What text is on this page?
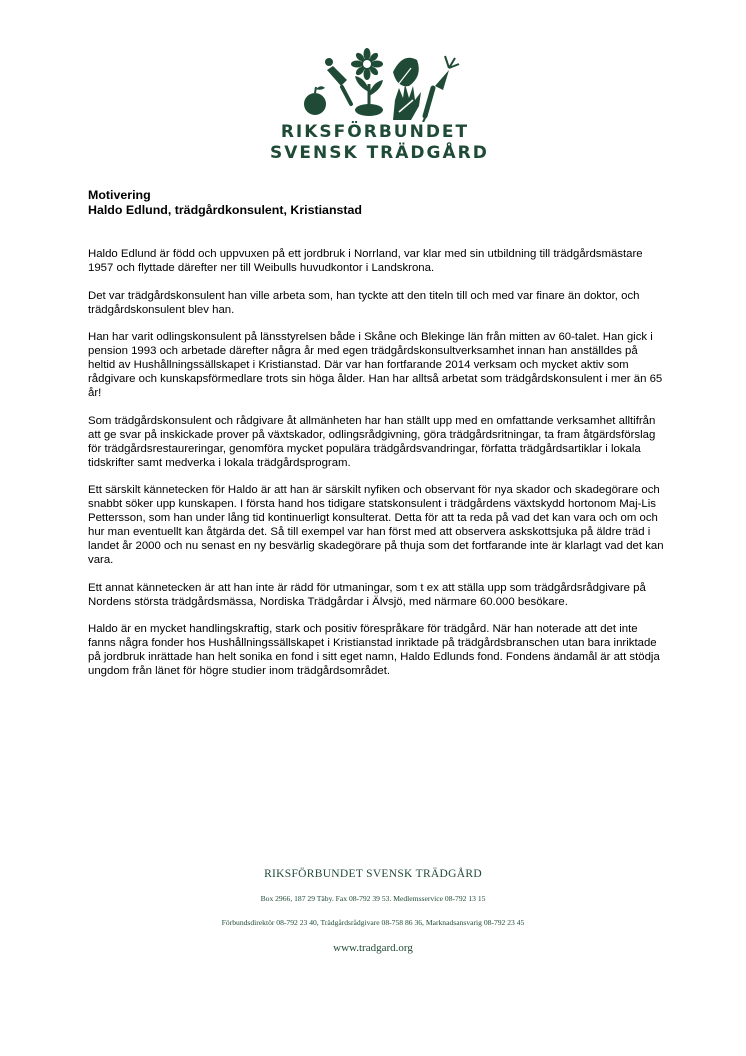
RIKSFÖRBUNDET
SVENSK TRÄDGÅRD
Motivering
Haldo Edlund, trädgårdkonsulent, Kristianstad

Haldo Edlund är född och uppvuxen på ett jordbruk i Norrland, var klar med sin utbildning till trädgårdsmästare 1957 och flyttade därefter ner till Weibulls huvudkontor i Landskrona.

Det var trädgårdskonsulent han ville arbeta som, han tyckte att den titeln till och med var finare än doktor, och trädgårdskonsulent blev han.

Han har varit odlingskonsulent på länsstyrelsen både i Skåne och Blekinge län från mitten av 60-talet. Han gick i pension 1993 och arbetade därefter några år med egen trädgårdskonsultverksamhet innan han anställdes på heltid av Hushållningssällskapet i Kristianstad. Där var han fortfarande 2014 verksam och mycket aktiv som rådgivare och kunskapsförmedlare trots sin höga ålder. Han har alltså arbetat som trädgårdskonsulent i mer än 65 år!

Som trädgårdskonsulent och rådgivare åt allmänheten har han ställt upp med en omfattande verksamhet alltifrån att ge svar på inskickade prover på växtskador, odlingsrådgivning, göra trädgårdsritningar, ta fram åtgärdsförslag för trädgårdsrestaureringar, genomföra mycket populära trädgårdsvandringar, författa trädgårdsartiklar i lokala tidskrifter samt medverka i lokala trädgårdsprogram.

Ett särskilt kännetecken för Haldo är att han är särskilt nyfiken och observant för nya skador och skadegörare och snabbt söker upp kunskapen. I första hand hos tidigare statskonsulent i trädgårdens växtskydd hortonom Maj-Lis Pettersson, som han under lång tid kontinuerligt konsulterat. Detta för att ta reda på vad det kan vara och om och hur man eventuellt kan åtgärda det. Så till exempel var han först med att observera askskottsjuka på äldre träd i landet år 2000 och nu senast en ny besvärlig skadegörare på thuja som det fortfarande inte är klarlagt vad det kan vara.

Ett annat kännetecken är att han inte är rädd för utmaningar, som t ex att ställa upp som trädgårdsrådgivare på Nordens största trädgårdsmässa, Nordiska Trädgårdar i Älvsjö, med närmare 60.000 besökare.

Haldo är en mycket handlingskraftig, stark och positiv förespråkare för trädgård. När han noterade att det inte fanns några fonder hos Hushållningssällskapet i Kristianstad inriktade på trädgårdsbranschen utan bara inriktade på jordbruk inrättade han helt sonika en fond i sitt eget namn, Haldo Edlunds fond. Fondens ändamål är att stödja ungdom från länet för högre studier inom trädgårdsområdet.

RIKSFÖRBUNDET SVENSK TRÄDGÅRD
Box 2966, 187 29 Täby. Fax 08-792 39 53. Medlemsservice 08-792 13 15
Förbundsdirektör 08-792 23 40, Trädgårdsrådgivare 08-758 86 36, Marknadsansvarig 08-792 23 45
www.tradgard.org
